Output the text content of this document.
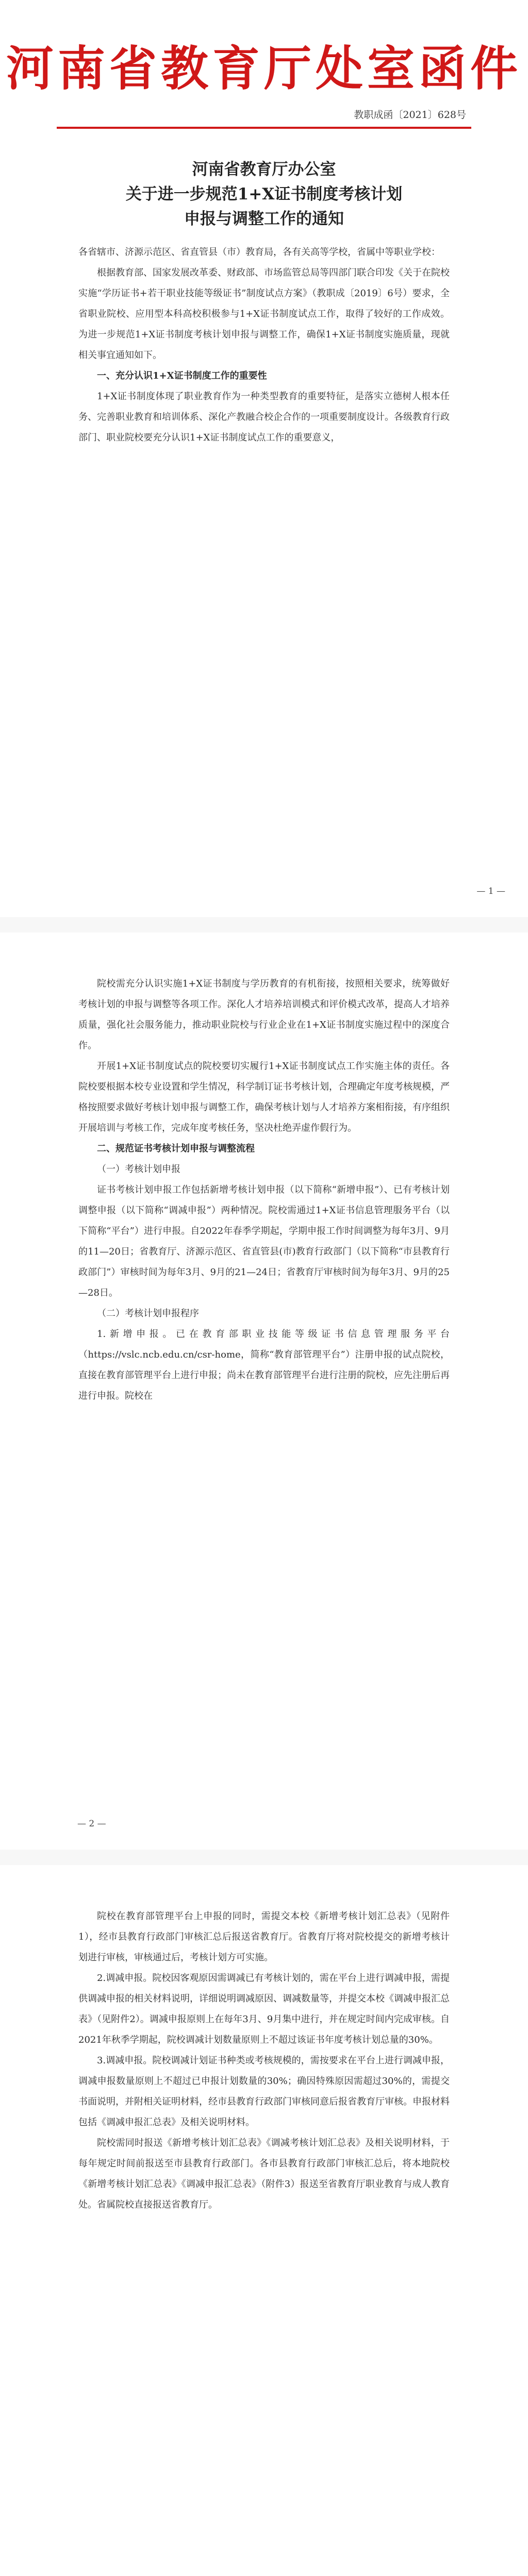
河南省教育厅处室函件
教职成函〔2021〕628号
河南省教育厅办公室
关于进一步规范1+X证书制度考核计划
申报与调整工作的通知

各省辖市、济源示范区、省直管县（市）教育局，各有关高等学校，省属中等职业学校：

根据教育部、国家发展改革委、财政部、市场监管总局等四部门联合印发《关于在院校实施“学历证书+若干职业技能等级证书”制度试点方案》（教职成〔2019〕6号）要求，全省职业院校、应用型本科高校积极参与1+X证书制度试点工作，取得了较好的工作成效。为进一步规范1+X证书制度考核计划申报与调整工作，确保1+X证书制度实施质量，现就相关事宜通知如下。

一、充分认识1+X证书制度工作的重要性

1+X证书制度体现了职业教育作为一种类型教育的重要特征，是落实立德树人根本任务、完善职业教育和培训体系、深化产教融合校企合作的一项重要制度设计。各级教育行政部门、职业院校要充分认识1+X证书制度试点工作的重要意义，

— 1 —

院校需充分认识实施1+X证书制度与学历教育的有机衔接，按照相关要求，统筹做好考核计划的申报与调整等各项工作。深化人才培养培训模式和评价模式改革，提高人才培养质量，强化社会服务能力，推动职业院校与行业企业在1+X证书制度实施过程中的深度合作。

开展1+X证书制度试点的院校要切实履行1+X证书制度试点工作实施主体的责任。各院校要根据本校专业设置和学生情况，科学制订证书考核计划，合理确定年度考核规模，严格按照要求做好考核计划申报与调整工作，确保考核计划与人才培养方案相衔接，有序组织开展培训与考核工作，完成年度考核任务，坚决杜绝弄虚作假行为。

二、规范证书考核计划申报与调整流程
（一）考核计划申报

证书考核计划申报工作包括新增考核计划申报（以下简称“新增申报”）、已有考核计划调整申报（以下简称“调减申报”）两种情况。院校需通过1+X证书信息管理服务平台（以下简称“平台”）进行申报。自2022年春季学期起，学期申报工作时间调整为每年3月、9月的11—20日；省教育厅、济源示范区、省直管县(市)教育行政部门（以下简称“市县教育行政部门”）审核时间为每年3月、9月的21—24日；省教育厅审核时间为每年3月、9月的25—28日。

（二）考核计划申报程序

1.新增申报。已在教育部职业技能等级证书信息管理服务平台（https://vslc.ncb.edu.cn/csr-home，简称“教育部管理平台”）注册申报的试点院校，直接在教育部管理平台上进行申报；尚未在教育部管理平台进行注册的院校，应先注册后再进行申报。院校在

— 2 —

院校在教育部管理平台上申报的同时，需提交本校《新增考核计划汇总表》（见附件1），经市县教育行政部门审核汇总后报送省教育厅。省教育厅将对院校提交的新增考核计划进行审核，审核通过后，考核计划方可实施。

2.调减申报。院校因客观原因需调减已有考核计划的，需在平台上进行调减申报，需提供调减申报的相关材料说明，详细说明调减原因、调减数量等，并提交本校《调减申报汇总表》（见附件2）。调减申报原则上在每年3月、9月集中进行，并在规定时间内完成审核。自2021年秋季学期起，院校调减计划数量原则上不超过该证书年度考核计划总量的30%。

3.调减申报。院校调减计划证书种类或考核规模的，需按要求在平台上进行调减申报，调减申报数量原则上不超过已申报计划数量的30%；确因特殊原因需超过30%的，需提交书面说明，并附相关证明材料，经市县教育行政部门审核同意后报省教育厅审核。申报材料包括《调减申报汇总表》及相关说明材料。

院校需同时报送《新增考核计划汇总表》《调减考核计划汇总表》及相关说明材料，于每年规定时间前报送至市县教育行政部门。各市县教育行政部门审核汇总后，将本地院校《新增考核计划汇总表》《调减申报汇总表》（附件3）报送至省教育厅职业教育与成人教育处。省属院校直接报送省教育厅。
